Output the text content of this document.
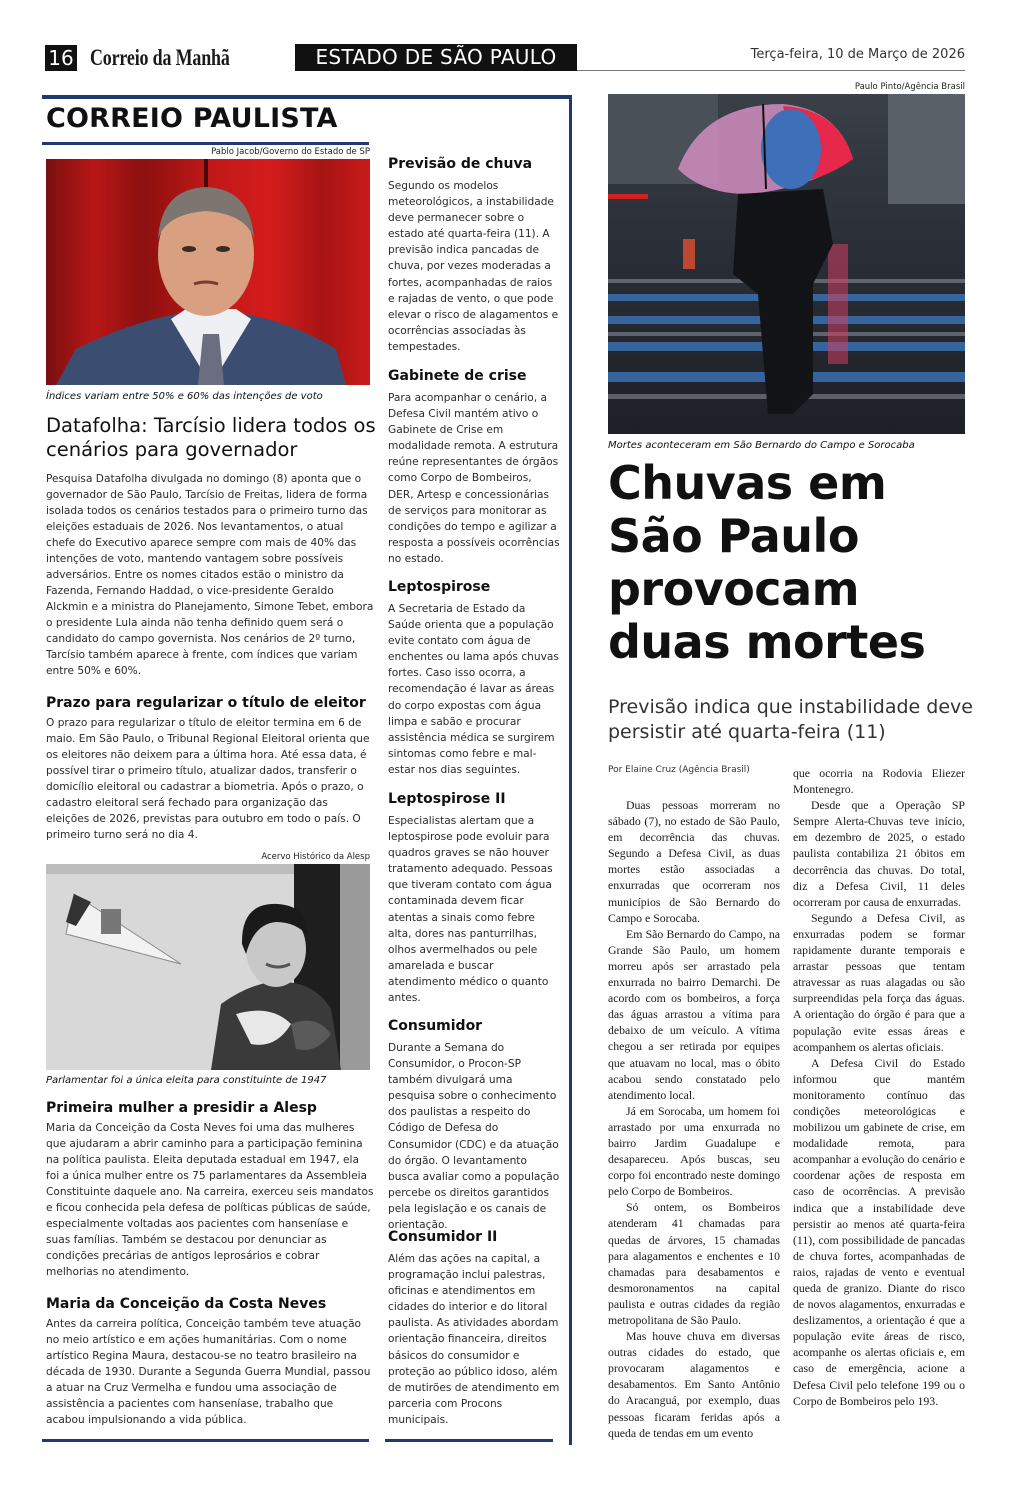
16 Correio da Manhã	ESTADO DE SÃO PAULO	Terça-feira, 10 de Março de 2026
CORREIO PAULISTA
Pablo Jacob/Governo do Estado de SP
Índices variam entre 50% e 60% das intenções de voto
Datafolha: Tarcísio lidera todos os cenários para governador
Pesquisa Datafolha divulgada no domingo (8) aponta que o governador de São Paulo, Tarcísio de Freitas, lidera de forma isolada todos os cenários testados para o primeiro turno das eleições estaduais de 2026. Nos levantamentos, o atual chefe do Executivo aparece sempre com mais de 40% das intenções de voto, mantendo vantagem sobre possíveis adversários. Entre os nomes citados estão o ministro da Fazenda, Fernando Haddad, o vice-presidente Geraldo Alckmin e a ministra do Planejamento, Simone Tebet, embora o presidente Lula ainda não tenha definido quem será o candidato do campo governista. Nos cenários de 2º turno, Tarcísio também aparece à frente, com índices que variam entre 50% e 60%.
Prazo para regularizar o título de eleitor
O prazo para regularizar o título de eleitor termina em 6 de maio. Em São Paulo, o Tribunal Regional Eleitoral orienta que os eleitores não deixem para a última hora. Até essa data, é possível tirar o primeiro título, atualizar dados, transferir o domicílio eleitoral ou cadastrar a biometria. Após o prazo, o cadastro eleitoral será fechado para organização das eleições de 2026, previstas para outubro em todo o país. O primeiro turno será no dia 4.
Acervo Histórico da Alesp
Parlamentar foi a única eleita para constituinte de 1947
Primeira mulher a presidir a Alesp
Maria da Conceição da Costa Neves foi uma das mulheres que ajudaram a abrir caminho para a participação feminina na política paulista. Eleita deputada estadual em 1947, ela foi a única mulher entre os 75 parlamentares da Assembleia Constituinte daquele ano. Na carreira, exerceu seis mandatos e ficou conhecida pela defesa de políticas públicas de saúde, especialmente voltadas aos pacientes com hanseníase e suas famílias. Também se destacou por denunciar as condições precárias de antigos leprosários e cobrar melhorias no atendimento.
Maria da Conceição da Costa Neves
Antes da carreira política, Conceição também teve atuação no meio artístico e em ações humanitárias. Com o nome artístico Regina Maura, destacou-se no teatro brasileiro na década de 1930. Durante a Segunda Guerra Mundial, passou a atuar na Cruz Vermelha e fundou uma associação de assistência a pacientes com hanseníase, trabalho que acabou impulsionando a vida pública.
Previsão de chuva
Segundo os modelos meteorológicos, a instabilidade deve permanecer sobre o estado até quarta-feira (11). A previsão indica pancadas de chuva, por vezes moderadas a fortes, acompanhadas de raios e rajadas de vento, o que pode elevar o risco de alagamentos e ocorrências associadas às tempestades.
Gabinete de crise
Para acompanhar o cenário, a Defesa Civil mantém ativo o Gabinete de Crise em modalidade remota. A estrutura reúne representantes de órgãos como Corpo de Bombeiros, DER, Artesp e concessionárias de serviços para monitorar as condições do tempo e agilizar a resposta a possíveis ocorrências no estado.
Leptospirose
A Secretaria de Estado da Saúde orienta que a população evite contato com água de enchentes ou lama após chuvas fortes. Caso isso ocorra, a recomendação é lavar as áreas do corpo expostas com água limpa e sabão e procurar assistência médica se surgirem sintomas como febre e mal-estar nos dias seguintes.
Leptospirose II
Especialistas alertam que a leptospirose pode evoluir para quadros graves se não houver tratamento adequado. Pessoas que tiveram contato com água contaminada devem ficar atentas a sinais como febre alta, dores nas panturrilhas, olhos avermelhados ou pele amarelada e buscar atendimento médico o quanto antes.
Consumidor
Durante a Semana do Consumidor, o Procon-SP também divulgará uma pesquisa sobre o conhecimento dos paulistas a respeito do Código de Defesa do Consumidor (CDC) e da atuação do órgão. O levantamento busca avaliar como a população percebe os direitos garantidos pela legislação e os canais de orientação.
Consumidor II
Além das ações na capital, a programação inclui palestras, oficinas e atendimentos em cidades do interior e do litoral paulista. As atividades abordam orientação financeira, direitos básicos do consumidor e proteção ao público idoso, além de mutirões de atendimento em parceria com Procons municipais.
Paulo Pinto/Agência Brasil
Mortes aconteceram em São Bernardo do Campo e Sorocaba
Chuvas em São Paulo provocam duas mortes
Previsão indica que instabilidade deve persistir até quarta-feira (11)
Por Elaine Cruz (Agência Brasil)

Duas pessoas morreram no sábado (7), no estado de São Paulo, em decorrência das chuvas. Segundo a Defesa Civil, as duas mortes estão associadas a enxurradas que ocorreram nos municípios de São Bernardo do Campo e Sorocaba.

Em São Bernardo do Campo, na Grande São Paulo, um homem morreu após ser arrastado pela enxurrada no bairro Demarchi. De acordo com os bombeiros, a força das águas arrastou a vítima para debaixo de um veículo. A vítima chegou a ser retirada por equipes que atuavam no local, mas o óbito acabou sendo constatado pelo atendimento local.

Já em Sorocaba, um homem foi arrastado por uma enxurrada no bairro Jardim Guadalupe e desapareceu. Após buscas, seu corpo foi encontrado neste domingo pelo Corpo de Bombeiros.

Só ontem, os Bombeiros atenderam 41 chamadas para quedas de árvores, 15 chamadas para alagamentos e enchentes e 10 chamadas para desabamentos e desmoronamentos na capital paulista e outras cidades da região metropolitana de São Paulo.

Mas houve chuva em diversas outras cidades do estado, que provocaram alagamentos e desabamentos. Em Santo Antônio do Aracanguá, por exemplo, duas pessoas ficaram feridas após a queda de tendas em um evento

que ocorria na Rodovia Eliezer Montenegro.

Desde que a Operação SP Sempre Alerta-Chuvas teve início, em dezembro de 2025, o estado paulista contabiliza 21 óbitos em decorrência das chuvas. Do total, diz a Defesa Civil, 11 deles ocorreram por causa de enxurradas.

Segundo a Defesa Civil, as enxurradas podem se formar rapidamente durante temporais e arrastar pessoas que tentam atravessar as ruas alagadas ou são surpreendidas pela força das águas. A orientação do órgão é para que a população evite essas áreas e acompanhem os alertas oficiais.

A Defesa Civil do Estado informou que mantém monitoramento contínuo das condições meteorológicas e mobilizou um gabinete de crise, em modalidade remota, para acompanhar a evolução do cenário e coordenar ações de resposta em caso de ocorrências. A previsão indica que a instabilidade deve persistir ao menos até quarta-feira (11), com possibilidade de pancadas de chuva fortes, acompanhadas de raios, rajadas de vento e eventual queda de granizo. Diante do risco de novos alagamentos, enxurradas e deslizamentos, a orientação é que a população evite áreas de risco, acompanhe os alertas oficiais e, em caso de emergência, acione a Defesa Civil pelo telefone 199 ou o Corpo de Bombeiros pelo 193.
